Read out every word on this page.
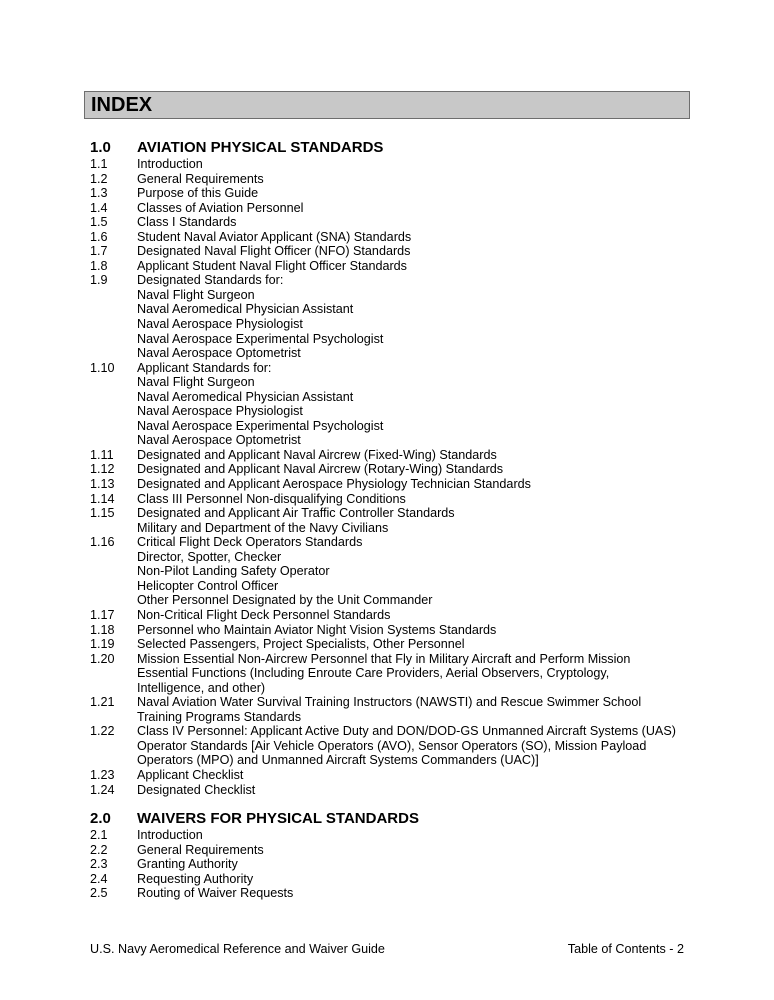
INDEX
1.0	AVIATION PHYSICAL STANDARDS
1.1	Introduction
1.2	General Requirements
1.3	Purpose of this Guide
1.4	Classes of Aviation Personnel
1.5	Class I Standards
1.6	Student Naval Aviator Applicant (SNA) Standards
1.7	Designated Naval Flight Officer (NFO) Standards
1.8	Applicant Student Naval Flight Officer Standards
1.9	Designated Standards for:
Naval Flight Surgeon
Naval Aeromedical Physician Assistant
Naval Aerospace Physiologist
Naval Aerospace Experimental Psychologist
Naval Aerospace Optometrist
1.10	Applicant Standards for:
Naval Flight Surgeon
Naval Aeromedical Physician Assistant
Naval Aerospace Physiologist
Naval Aerospace Experimental Psychologist
Naval Aerospace Optometrist
1.11	Designated and Applicant Naval Aircrew (Fixed-Wing) Standards
1.12	Designated and Applicant Naval Aircrew (Rotary-Wing) Standards
1.13	Designated and Applicant Aerospace Physiology Technician Standards
1.14	Class III Personnel Non-disqualifying Conditions
1.15	Designated and Applicant Air Traffic Controller Standards
Military and Department of the Navy Civilians
1.16	Critical Flight Deck Operators Standards
Director, Spotter, Checker
Non-Pilot Landing Safety Operator
Helicopter Control Officer
Other Personnel Designated by the Unit Commander
1.17	Non-Critical Flight Deck Personnel Standards
1.18	Personnel who Maintain Aviator Night Vision Systems Standards
1.19	Selected Passengers, Project Specialists, Other Personnel
1.20	Mission Essential Non-Aircrew Personnel that Fly in Military Aircraft and Perform Mission
Essential Functions (Including Enroute Care Providers, Aerial Observers, Cryptology,
Intelligence, and other)
1.21	Naval Aviation Water Survival Training Instructors (NAWSTI) and Rescue Swimmer School
Training Programs Standards
1.22	Class IV Personnel: Applicant Active Duty and DON/DOD-GS Unmanned Aircraft Systems (UAS)
Operator Standards [Air Vehicle Operators (AVO), Sensor Operators (SO), Mission Payload
Operators (MPO) and Unmanned Aircraft Systems Commanders (UAC)]
1.23	Applicant Checklist
1.24	Designated Checklist
2.0	WAIVERS FOR PHYSICAL STANDARDS
2.1	Introduction
2.2	General Requirements
2.3	Granting Authority
2.4	Requesting Authority
2.5	Routing of Waiver Requests
U.S. Navy Aeromedical Reference and Waiver Guide	Table of Contents - 2
